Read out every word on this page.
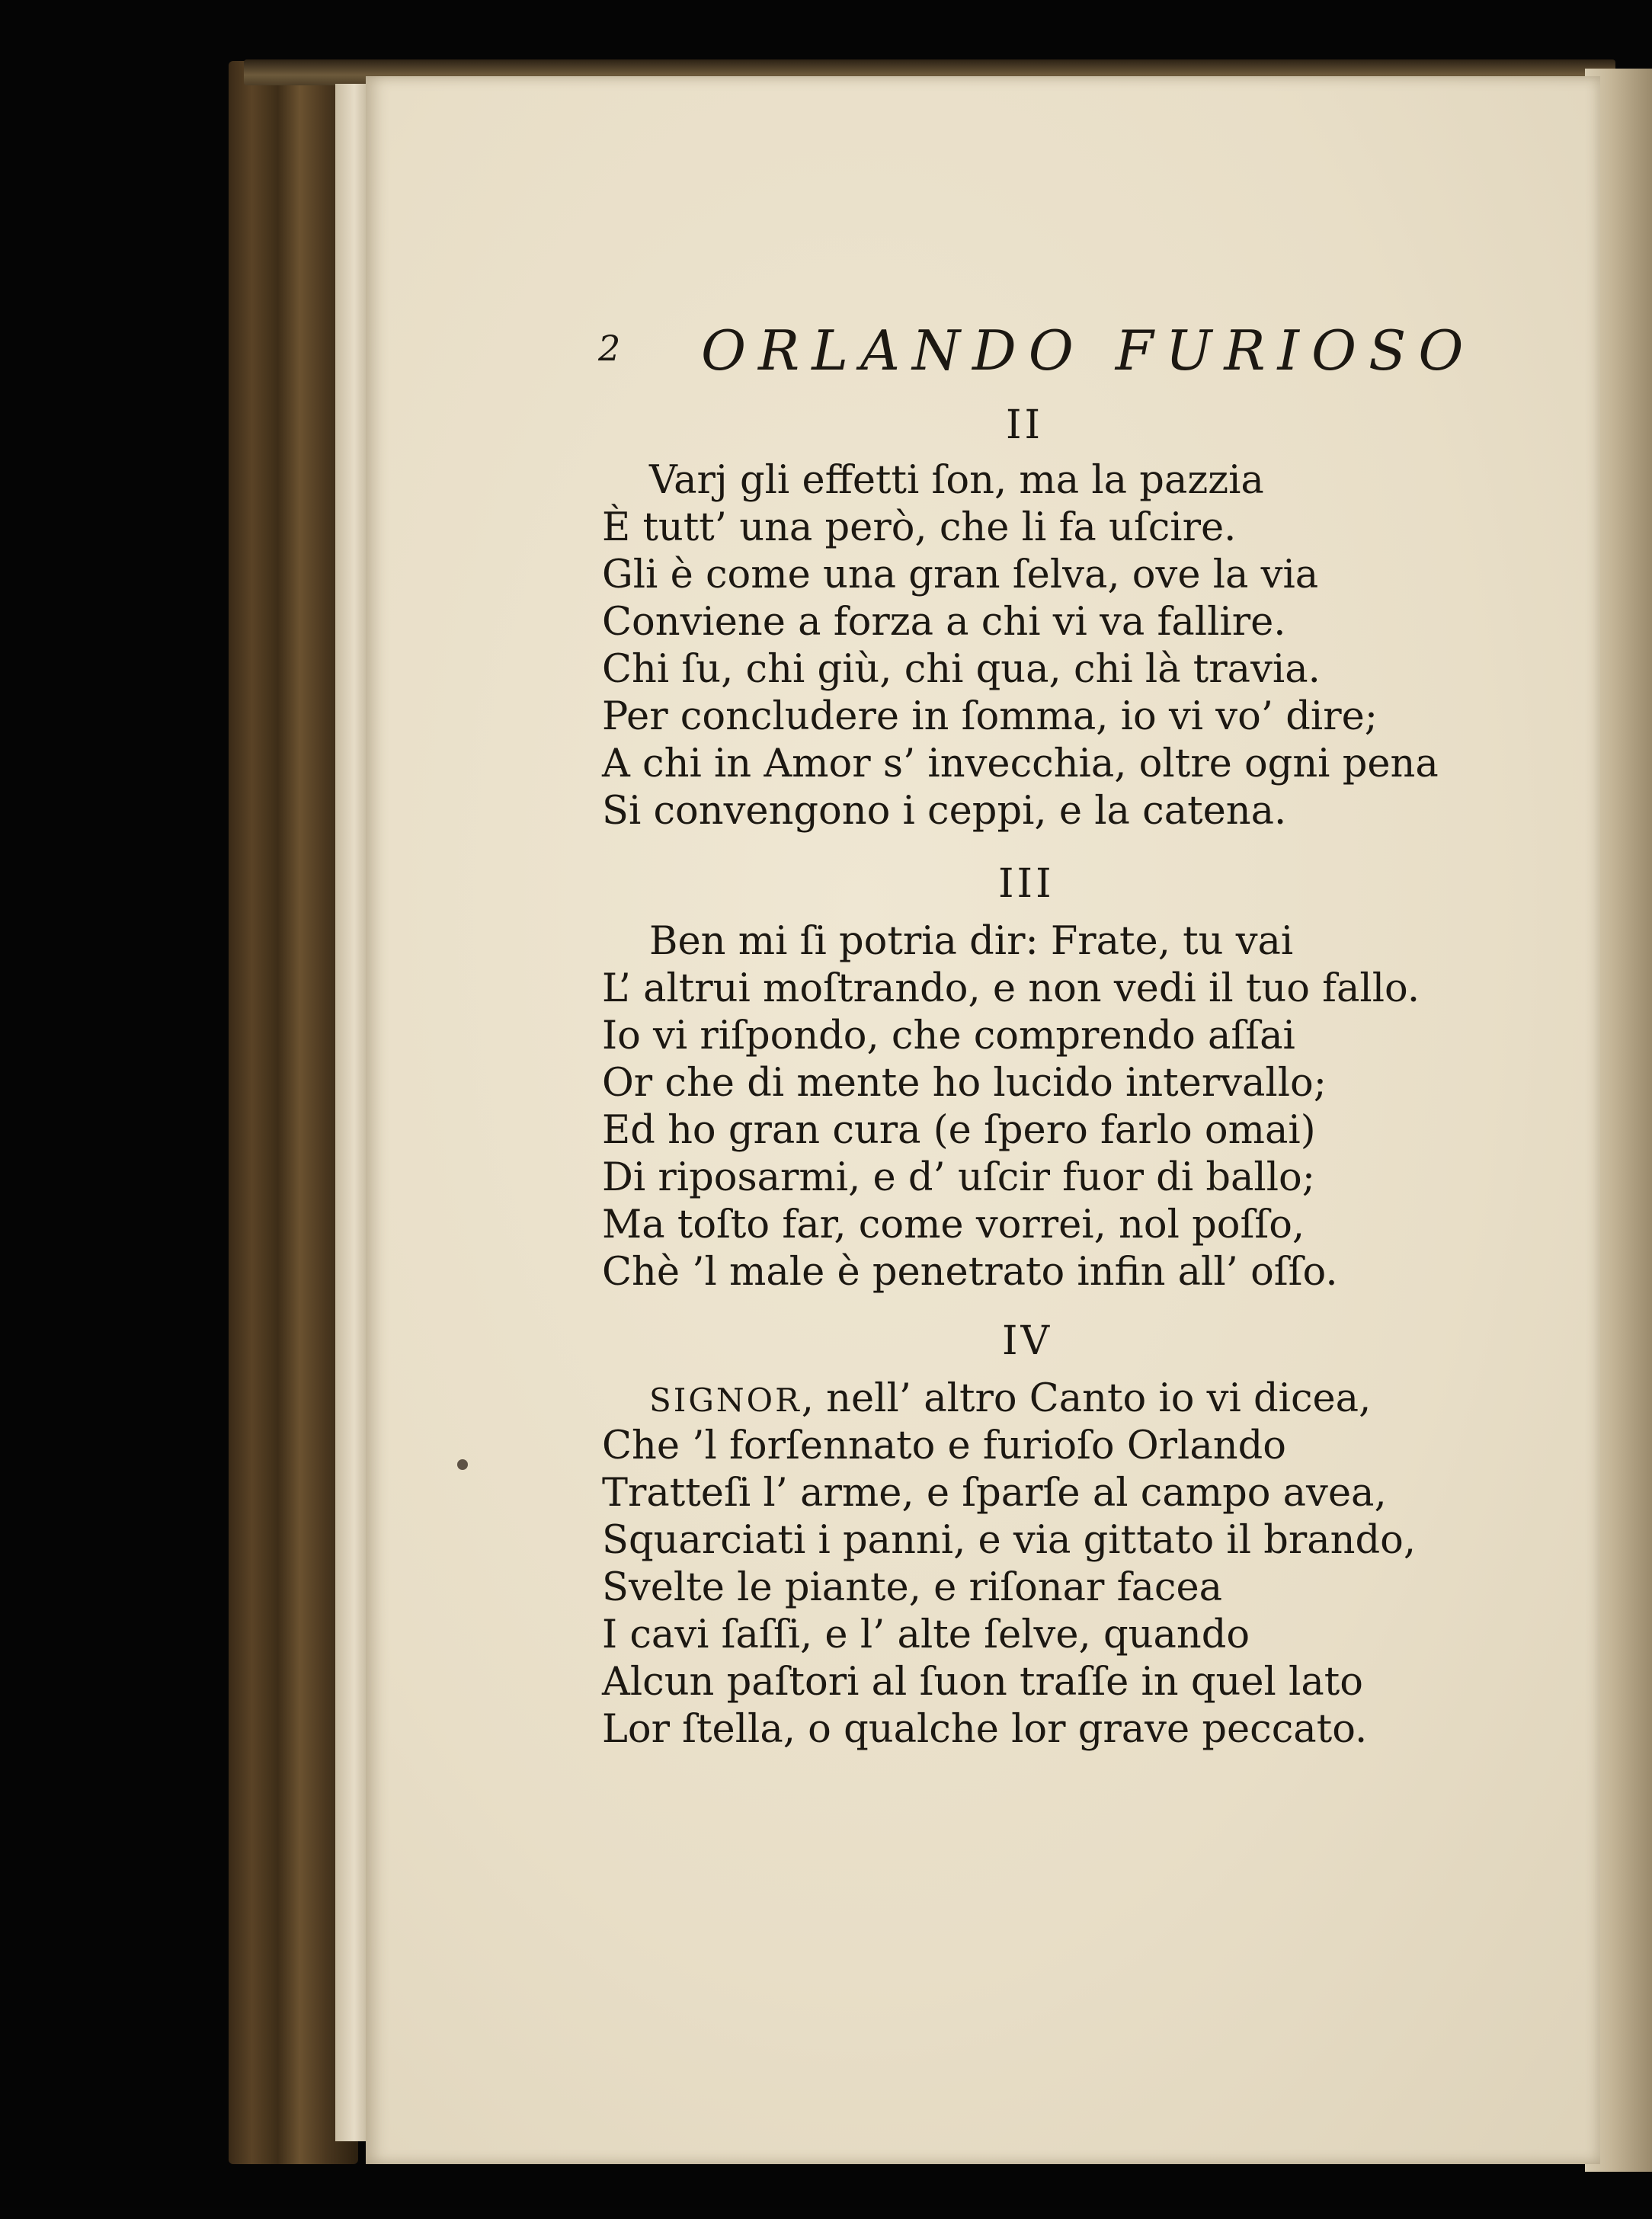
2 ORLANDO FURIOSO
II
Varj gli effetti ſon, ma la pazzia
È tutt’ una però, che li fa uſcire.
Gli è come una gran ſelva, ove la via
Conviene a forza a chi vi va fallire.
Chi ſu, chi giù, chi qua, chi là travia.
Per concludere in ſomma, io vi vo’ dire;
A chi in Amor s’ invecchia, oltre ogni pena
Si convengono i ceppi, e la catena.
III
Ben mi ſi potria dir: Frate, tu vai
L’ altrui moſtrando, e non vedi il tuo fallo.
Io vi riſpondo, che comprendo aſſai
Or che di mente ho lucido intervallo;
Ed ho gran cura (e ſpero farlo omai)
Di riposarmi, e d’ uſcir fuor di ballo;
Ma toſto far, come vorrei, nol poſſo,
Chè ’l male è penetrato infin all’ oſſo.
IV
SIGNOR, nell’ altro Canto io vi dicea,
Che ’l forſennato e furioſo Orlando
Tratteſi l’ arme, e ſparſe al campo avea,
Squarciati i panni, e via gittato il brando,
Svelte le piante, e riſonar facea
I cavi ſaſſi, e l’ alte ſelve, quando
Alcun paſtori al ſuon traſſe in quel lato
Lor ſtella, o qualche lor grave peccato.
